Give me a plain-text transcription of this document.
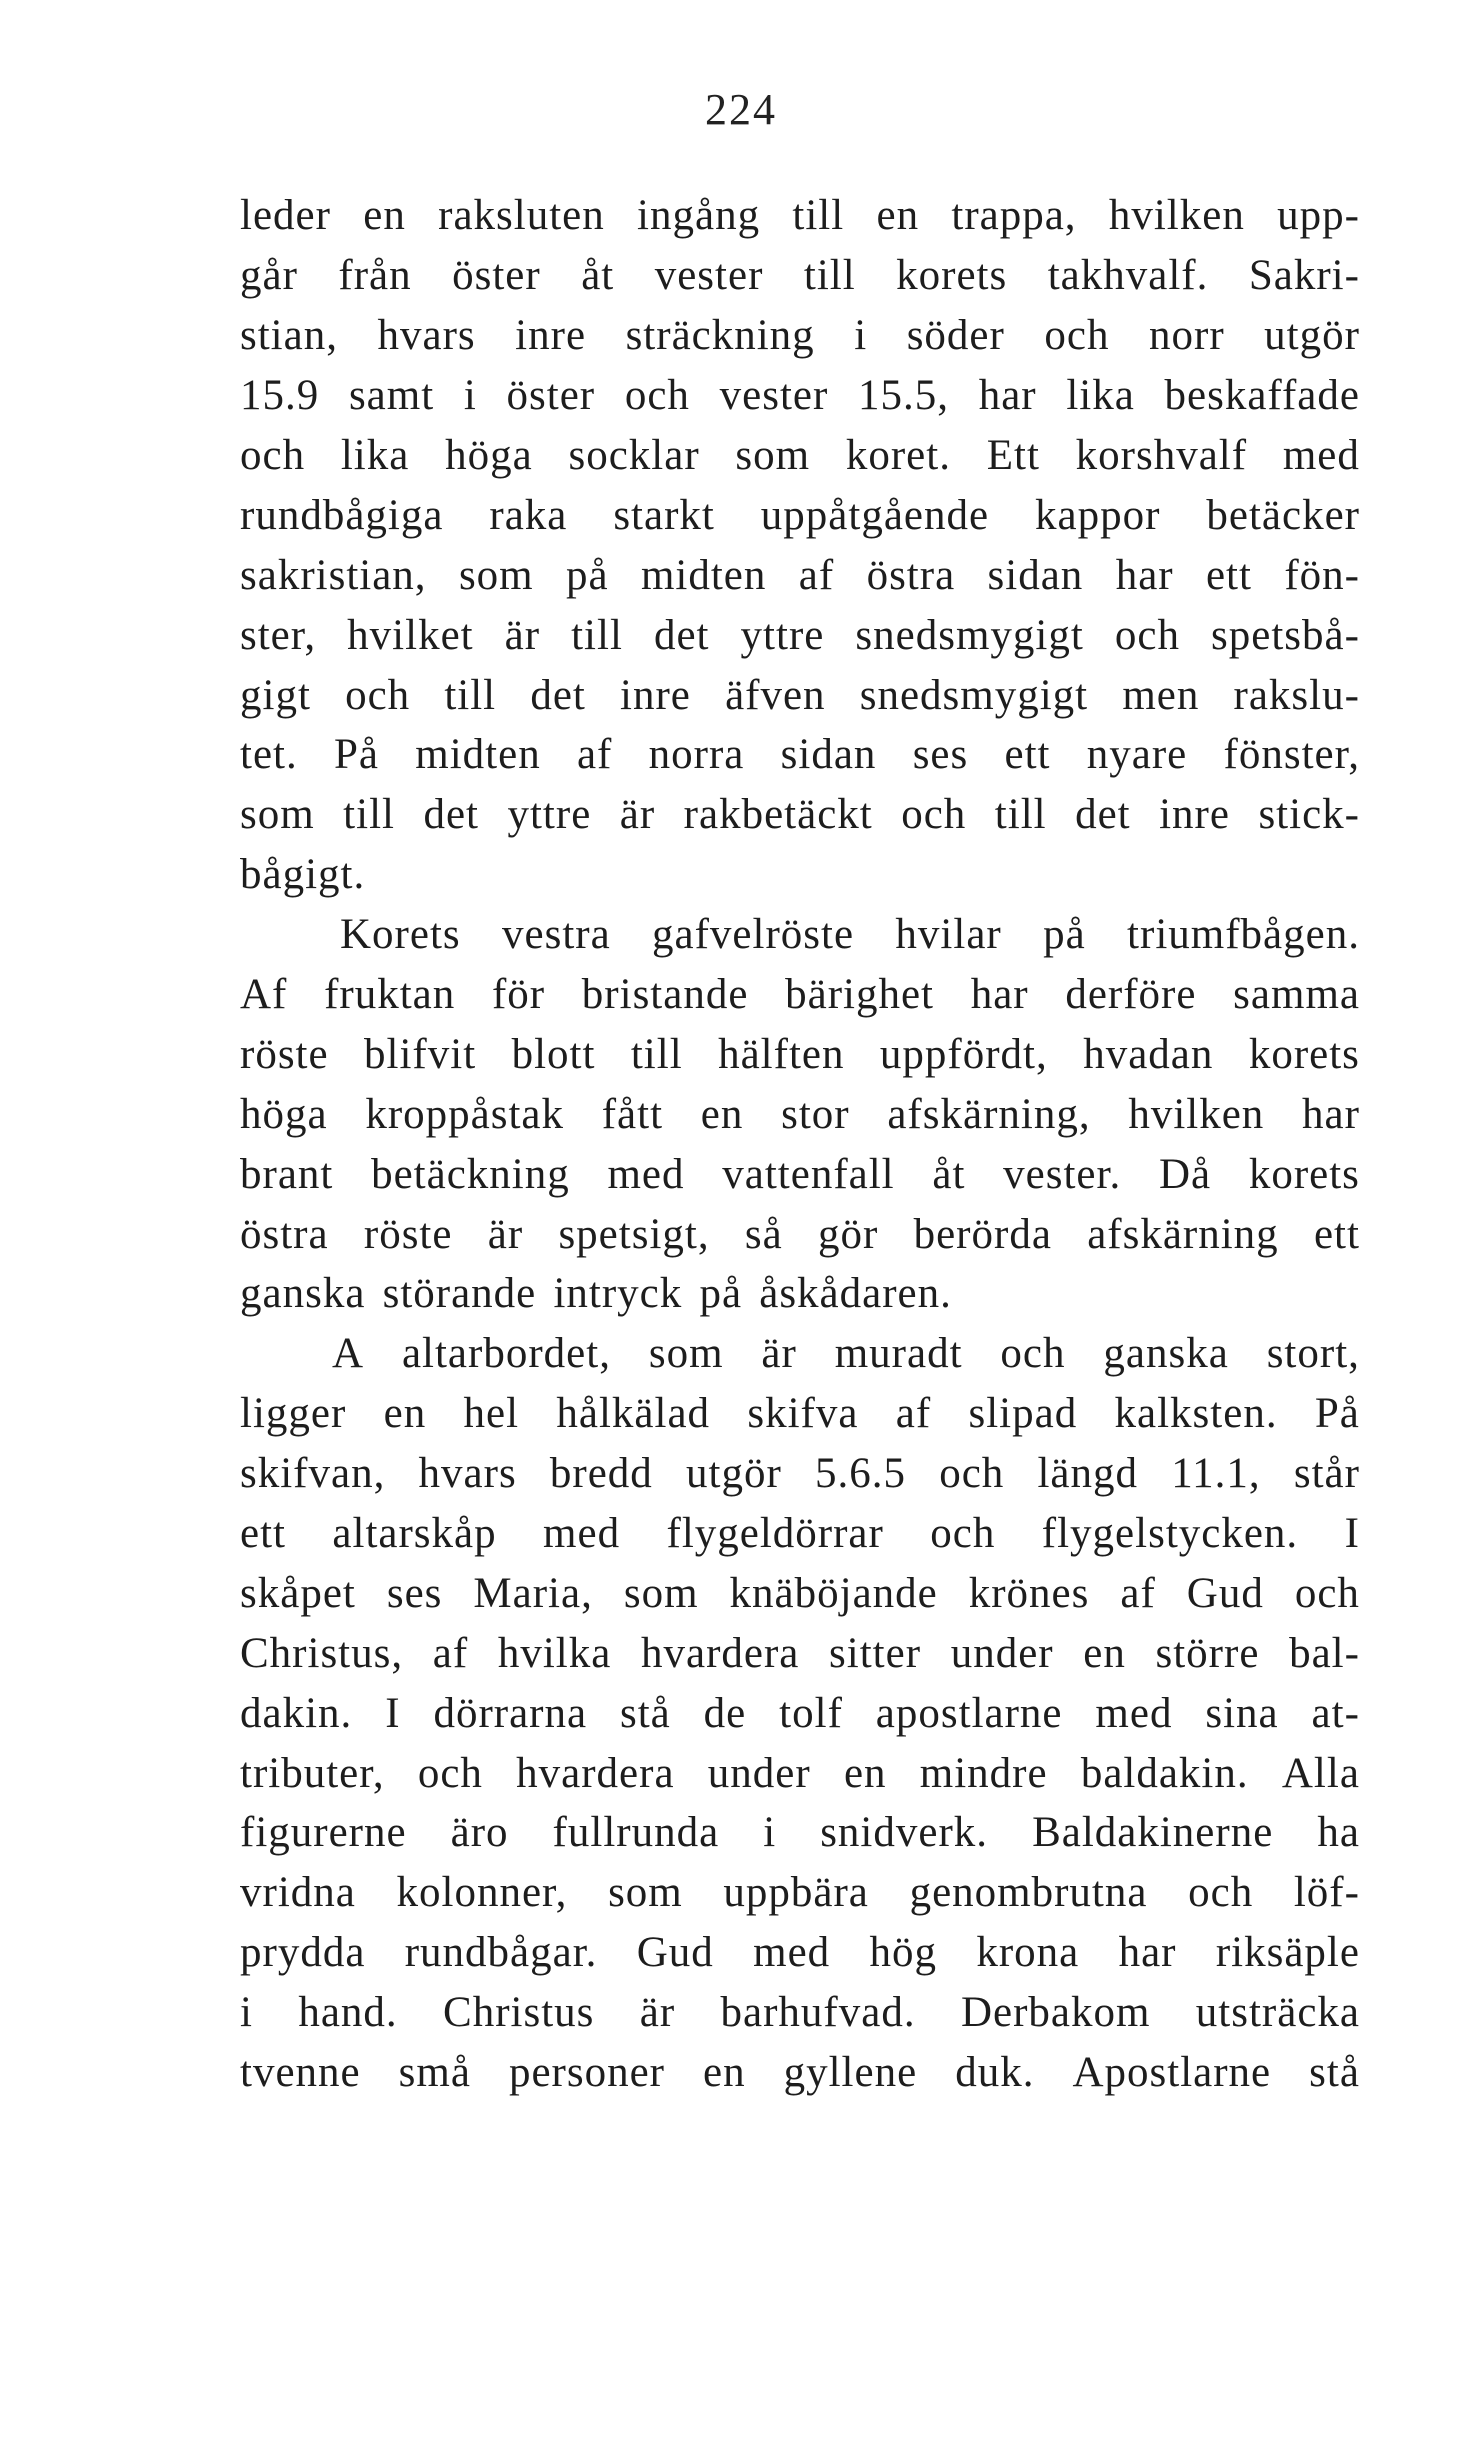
224
leder en raksluten ingång till en trappa, hvilken upp-
går från öster åt vester till korets takhvalf. Sakri-
stian, hvars inre sträckning i söder och norr utgör
15.9 samt i öster och vester 15.5, har lika beskaffade
och lika höga socklar som koret. Ett korshvalf med
rundbågiga raka starkt uppåtgående kappor betäcker
sakristian, som på midten af östra sidan har ett fön-
ster, hvilket är till det yttre snedsmygigt och spetsbå-
gigt och till det inre äfven snedsmygigt men rakslu-
tet. På midten af norra sidan ses ett nyare fönster,
som till det yttre är rakbetäckt och till det inre stick-
bågigt.
Korets vestra gafvelröste hvilar på triumfbågen.
Af fruktan för bristande bärighet har derföre samma
röste blifvit blott till hälften uppfördt, hvadan korets
höga kroppåstak fått en stor afskärning, hvilken har
brant betäckning med vattenfall åt vester. Då korets
östra röste är spetsigt, så gör berörda afskärning ett
ganska störande intryck på åskådaren.
A altarbordet, som är muradt och ganska stort,
ligger en hel hålkälad skifva af slipad kalksten. På
skifvan, hvars bredd utgör 5.6.5 och längd 11.1, står
ett altarskåp med flygeldörrar och flygelstycken. I
skåpet ses Maria, som knäböjande krönes af Gud och
Christus, af hvilka hvardera sitter under en större bal-
dakin. I dörrarna stå de tolf apostlarne med sina at-
tributer, och hvardera under en mindre baldakin. Alla
figurerne äro fullrunda i snidverk. Baldakinerne ha
vridna kolonner, som uppbära genombrutna och löf-
prydda rundbågar. Gud med hög krona har riksäple
i hand. Christus är barhufvad. Derbakom utsträcka
tvenne små personer en gyllene duk. Apostlarne stå
